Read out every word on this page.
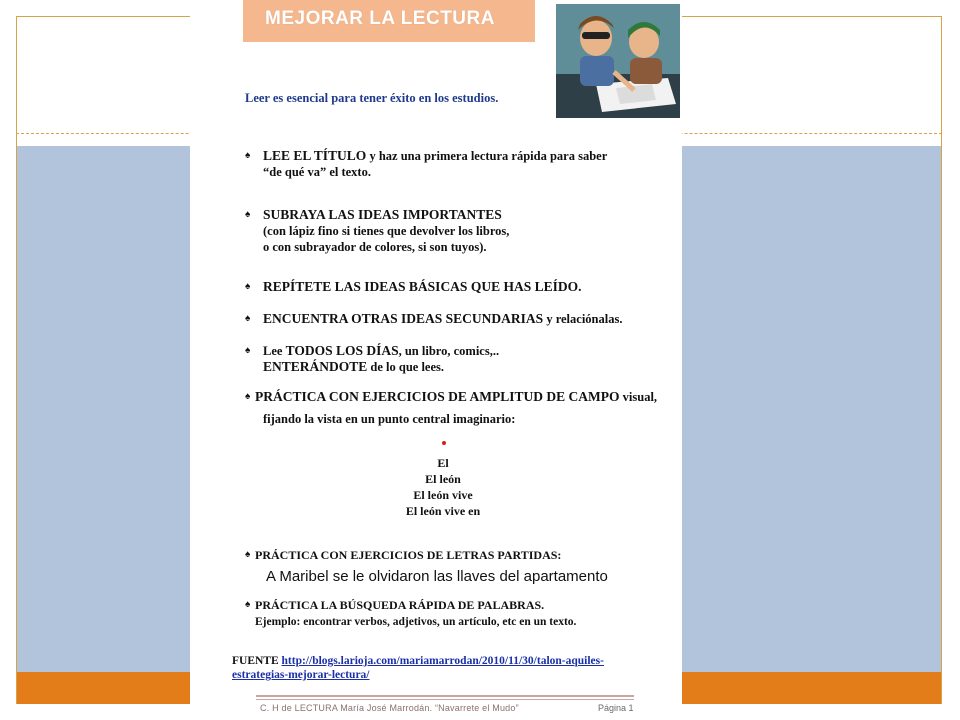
MEJORAR LA LECTURA
Leer es esencial para tener éxito en los estudios.
♠ LEE EL TÍTULO y haz una primera lectura rápida para saber
“de qué va” el texto.
♠ SUBRAYA LAS IDEAS IMPORTANTES
(con lápiz fino si tienes que devolver los libros,
o con subrayador de colores, si son tuyos).
♠ REPÍTETE LAS IDEAS BÁSICAS QUE HAS LEÍDO.
♠ ENCUENTRA OTRAS IDEAS SECUNDARIAS y relaciónalas.
♠	Lee TODOS LOS DÍAS, un libro, comics,..
ENTERÁNDOTE de lo que lees.
♠ PRÁCTICA CON EJERCICIOS DE AMPLITUD DE CAMPO visual,
fijando la vista en un punto central imaginario:
El
El león
El león vive
El león vive en
♠ PRÁCTICA CON EJERCICIOS DE LETRAS PARTIDAS:
A Maribel se le olvidaron las llaves del apartamento
♠ PRÁCTICA LA BÚSQUEDA RÁPIDA DE PALABRAS.
Ejemplo: encontrar verbos, adjetivos, un artículo, etc en un texto.
FUENTE http://blogs.larioja.com/mariamarrodan/2010/11/30/talon-aquiles-estrategias-mejorar-lectura/
C. H de LECTURA María José Marrodán. “Navarrete el Mudo”	Página 1
